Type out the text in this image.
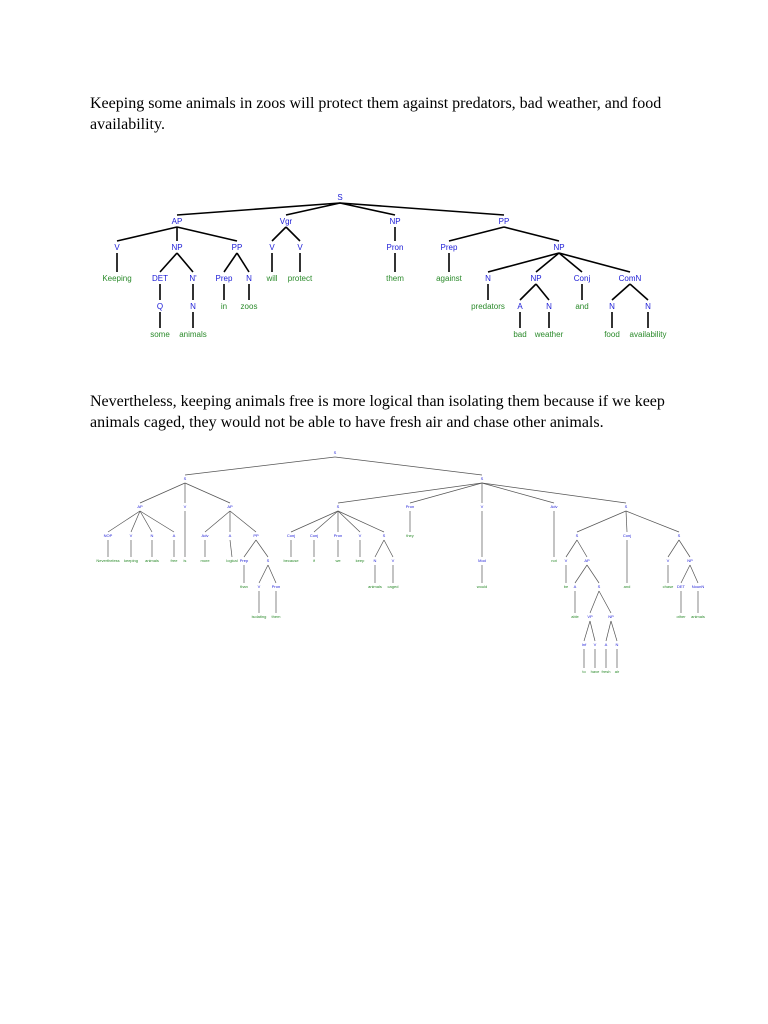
Keeping some animals in zoos will protect them against predators, bad weather, and food availability.
S
AP	Vgr	NP	PP
V	NP	PP
Keeping	DET	N'
Q	N
some animals
Prep N
in zoos
V	V
will protect
Pron
them
Prep	NP
against	N	NP	Conj	ComN
predators	and
A	N
bad weather
N	N
food availability
Nevertheless, keeping animals free is more logical than isolating them because if we keep animals caged, they would not be able to have fresh air and chase other animals.
S
S	S
AP	V	AP
NOP	V	N	A
Nevertheless keeping animals	free is
Adv	A	PP
more	logical Prep	S
than V	Pron
isolating them
S	Pron	V	Adv	S
Conj	Conj	Pron	V	S
because	if	we	keep N	V
animals caged
they
Mod
would
not
S	Conj	S
V	AP
be A	S
able VP	NP
Inf V A N
to have fresh air
and
V	NP
chase DET NounN
other animals
